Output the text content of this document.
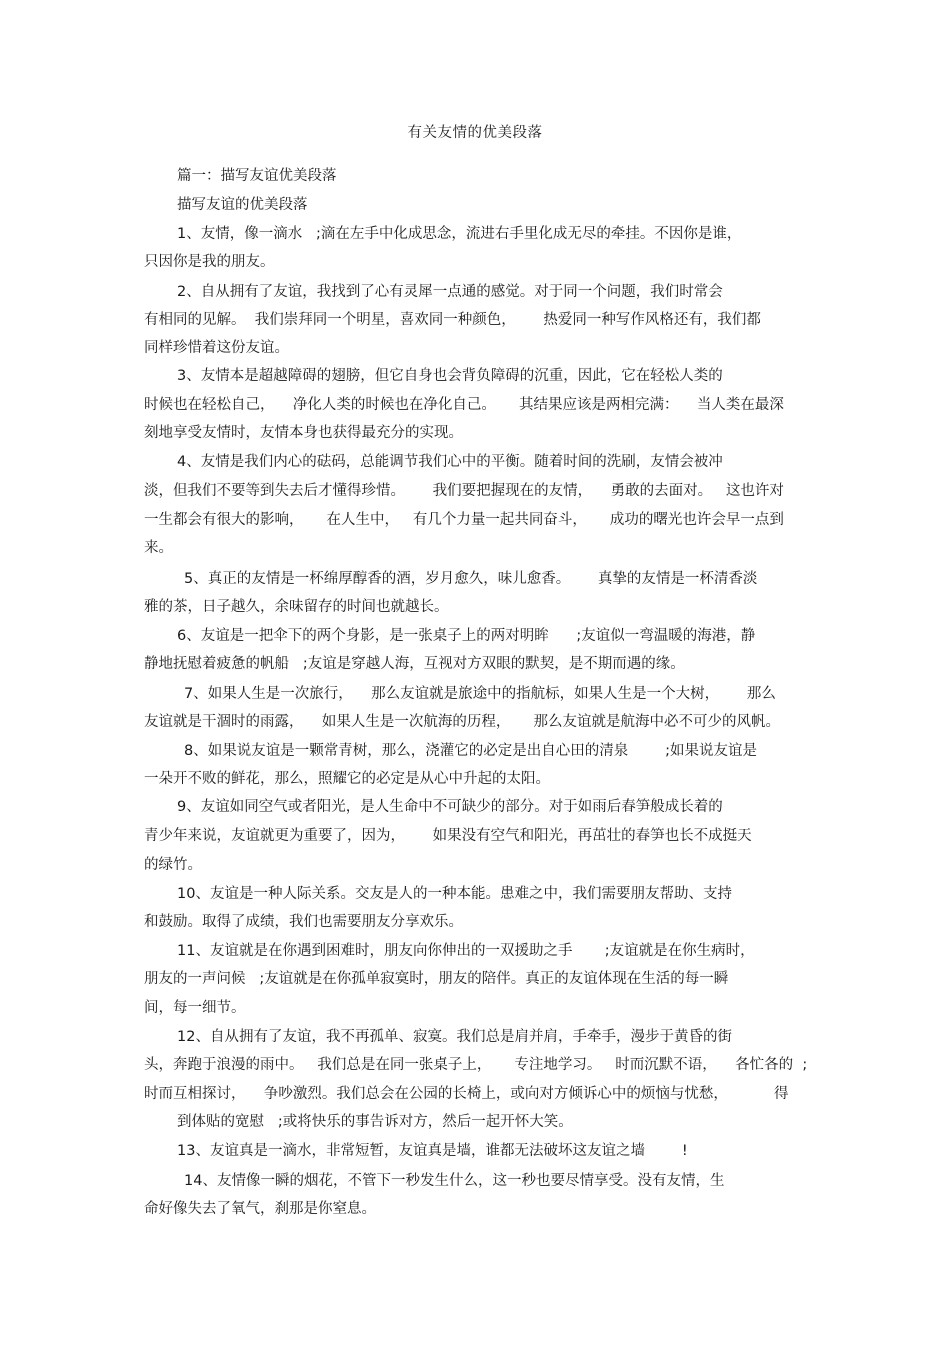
有关友情的优美段落
篇一：描写友谊优美段落
描写友谊的优美段落
1、友情，像一滴水   ;滴在左手中化成思念，流进右手里化成无尽的牵挂。不因你是谁，
只因你是我的朋友。
2、自从拥有了友谊，我找到了心有灵犀一点通的感觉。对于同一个问题，我们时常会
有相同的见解。  我们崇拜同一个明星，喜欢同一种颜色，      热爱同一种写作风格还有，我们都
同样珍惜着这份友谊。
3、友情本是超越障碍的翅膀，但它自身也会背负障碍的沉重，因此，它在轻松人类的
时候也在轻松自己，    净化人类的时候也在净化自己。     其结果应该是两相完满：    当人类在最深
刻地享受友情时，友情本身也获得最充分的实现。
4、友情是我们内心的砝码，总能调节我们心中的平衡。随着时间的洗刷，友情会被冲
淡，但我们不要等到失去后才懂得珍惜。      我们要把握现在的友情，    勇敢的去面对。   这也许对
一生都会有很大的影响，     在人生中，   有几个力量一起共同奋斗，     成功的曙光也许会早一点到
来。
5、真正的友情是一杯绵厚醇香的酒，岁月愈久，味儿愈香。      真挚的友情是一杯清香淡
雅的茶，日子越久，余味留存的时间也就越长。
6、友谊是一把伞下的两个身影，是一张桌子上的两对明眸      ;友谊似一弯温暖的海港，静
静地抚慰着疲惫的帆船   ;友谊是穿越人海，互视对方双眼的默契，是不期而遇的缘。
7、如果人生是一次旅行，    那么友谊就是旅途中的指航标，如果人生是一个大树，      那么
友谊就是干涸时的雨露，    如果人生是一次航海的历程，     那么友谊就是航海中必不可少的风帆。
8、如果说友谊是一颗常青树，那么，浇灌它的必定是出自心田的清泉        ;如果说友谊是
一朵开不败的鲜花，那么，照耀它的必定是从心中升起的太阳。
9、友谊如同空气或者阳光，是人生命中不可缺少的部分。对于如雨后春笋般成长着的
青少年来说，友谊就更为重要了，因为，      如果没有空气和阳光，再茁壮的春笋也长不成挺天
的绿竹。
10、友谊是一种人际关系。交友是人的一种本能。患难之中，我们需要朋友帮助、支持
和鼓励。取得了成绩，我们也需要朋友分享欢乐。
11、友谊就是在你遇到困难时，朋友向你伸出的一双援助之手       ;友谊就是在你生病时，
朋友的一声问候   ;友谊就是在你孤单寂寞时，朋友的陪伴。真正的友谊体现在生活的每一瞬
间，每一细节。
12、自从拥有了友谊，我不再孤单、寂寞。我们总是肩并肩，手牵手，漫步于黄昏的街
头，奔跑于浪漫的雨中。   我们总是在同一张桌子上，     专注地学习。   时而沉默不语，    各忙各的  ;
时而互相探讨，    争吵激烈。我们总会在公园的长椅上，或向对方倾诉心中的烦恼与忧愁，          得
到体贴的宽慰   ;或将快乐的事告诉对方，然后一起开怀大笑。
13、友谊真是一滴水，非常短暂，友谊真是墙，谁都无法破坏这友谊之墙        !
14、友情像一瞬的烟花，不管下一秒发生什么，这一秒也要尽情享受。没有友情，生
命好像失去了氧气，刹那是你窒息。
